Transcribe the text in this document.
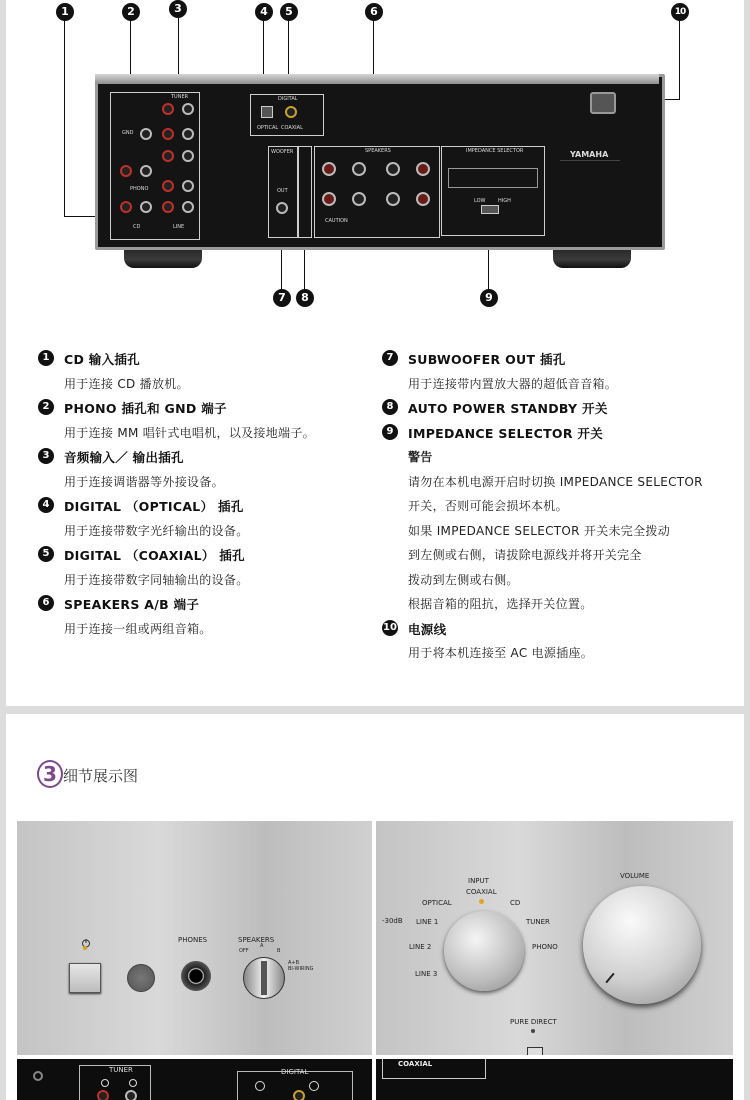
1	2	3	4	5	6	10
7	8	9
TUNER
GND
PHONO
CD	LINE
DIGITAL
OPTICAL COAXIAL
WOOFER
OUT
SPEAKERS
CAUTION
IMPEDANCE SELECTOR
LOW	HIGH
YAMAHA
1	CD 输入插孔
用于连接 CD 播放机。
2	PHONO 插孔和 GND 端子
用于连接 MM 唱针式电唱机，以及接地端子。
3	音频输入／ 输出插孔
用于连接调谐器等外接设备。
4	DIGITAL （OPTICAL） 插孔
用于连接带数字光纤输出的设备。
5	DIGITAL （COAXIAL） 插孔
用于连接带数字同轴输出的设备。
6	SPEAKERS A/B 端子
用于连接一组或两组音箱。
7	SUBWOOFER OUT 插孔
用于连接带内置放大器的超低音音箱。
8	AUTO POWER STANDBY 开关
9	IMPEDANCE SELECTOR 开关
警告
请勿在本机电源开启时切换 IMPEDANCE SELECTOR
开关，否则可能会损坏本机。
如果 IMPEDANCE SELECTOR 开关未完全拨动
到左侧或右侧，请拔除电源线并将开关完全
拨动到左侧或右侧。
根据音箱的阻抗，选择开关位置。
10 电源线
用于将本机连接至 AC 电源插座。
3 细节展示图
PHONES	SPEAKERS
OFF
A
B
A+B
BI-WIRING
INPUT
COAXIAL
OPTICAL	CD
LINE 1	TUNER
LINE 2	PHONO
LINE 3
-30dB
VOLUME
PURE DIRECT
TUNER	DIGITAL
COAXIAL
